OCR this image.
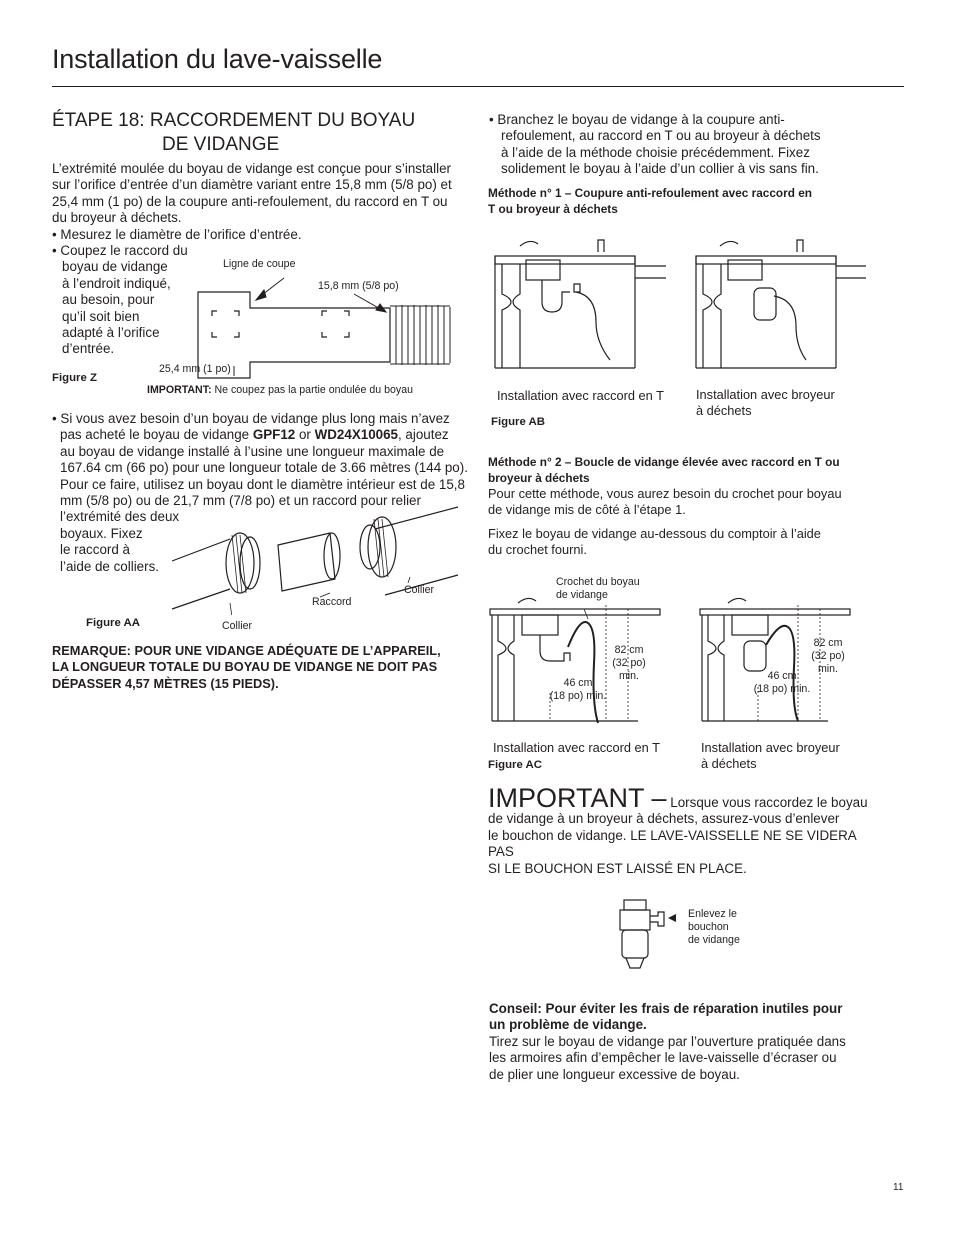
Installation du lave-vaisselle
ÉTAPE 18: RACCORDEMENT DU BOYAU
DE VIDANGE
L’extrémité moulée du boyau de vidange est conçue pour s’installer sur l’orifice d’entrée d’un diamètre variant entre 15,8 mm (5/8 po) et 25,4 mm (1 po) de la coupure anti-refoulement, du raccord en T ou du broyeur à déchets.
• Mesurez le diamètre de l’orifice d’entrée.
• Coupez le raccord du
boyau de vidange
à l’endroit indiqué,
au besoin, pour
qu’il soit bien
adapté à l’orifice
d’entrée.
Ligne de coupe
15,8 mm (5/8 po)
25,4 mm (1 po)
Figure Z
IMPORTANT: Ne coupez pas la partie ondulée du boyau
• Si vous avez besoin d’un boyau de vidange plus long mais n’avez
pas acheté le boyau de vidange GPF12 or WD24X10065, ajoutez
au boyau de vidange installé à l’usine une longueur maximale de
167.64 cm (66 po) pour une longueur totale de 3.66 mètres (144 po).
Pour ce faire, utilisez un boyau dont le diamètre intérieur est de 15,8
mm (5/8 po) ou de 21,7 mm (7/8 po) et un raccord pour relier
l’extrémité des deux
boyaux. Fixez
le raccord à
l’aide de colliers.
Raccord
Collier
Collier
Figure AA
REMARQUE: POUR UNE VIDANGE ADÉQUATE DE L’APPAREIL,
LA LONGUEUR TOTALE DU BOYAU DE VIDANGE NE DOIT PAS
DÉPASSER 4,57 MÈTRES (15 PIEDS).
• Branchez le boyau de vidange à la coupure anti-
refoulement, au raccord en T ou au broyeur à déchets
à l’aide de la méthode choisie précédemment. Fixez
solidement le boyau à l’aide d’un collier à vis sans fin.
Méthode n° 1 – Coupure anti-refoulement avec raccord en
T ou broyeur à déchets
Installation avec raccord en T	Installation avec broyeur
à déchets
Figure AB
Méthode n° 2 – Boucle de vidange élevée avec raccord en T ou
broyeur à déchets
Pour cette méthode, vous aurez besoin du crochet pour boyau
de vidange mis de côté à l’étape 1.
Fixez le boyau de vidange au-dessous du comptoir à l’aide
du crochet fourni.
Crochet du boyau
de vidange
82 cm
(32 po)
min.
46 cm
(18 po) min.
82 cm
(32 po)
min.
46 cm
(18 po) min.
Installation avec raccord en T	Installation avec broyeur
à déchets
Figure AC
IMPORTANT – Lorsque vous raccordez le boyau
de vidange à un broyeur à déchets, assurez-vous d’enlever
le bouchon de vidange. LE LAVE-VAISSELLE NE SE VIDERA PAS
SI LE BOUCHON EST LAISSÉ EN PLACE.
Enlevez le
bouchon
de vidange
Conseil: Pour éviter les frais de réparation inutiles pour
un problème de vidange.
Tirez sur le boyau de vidange par l’ouverture pratiquée dans
les armoires afin d’empêcher le lave-vaisselle d’écraser ou
de plier une longueur excessive de boyau.
11
